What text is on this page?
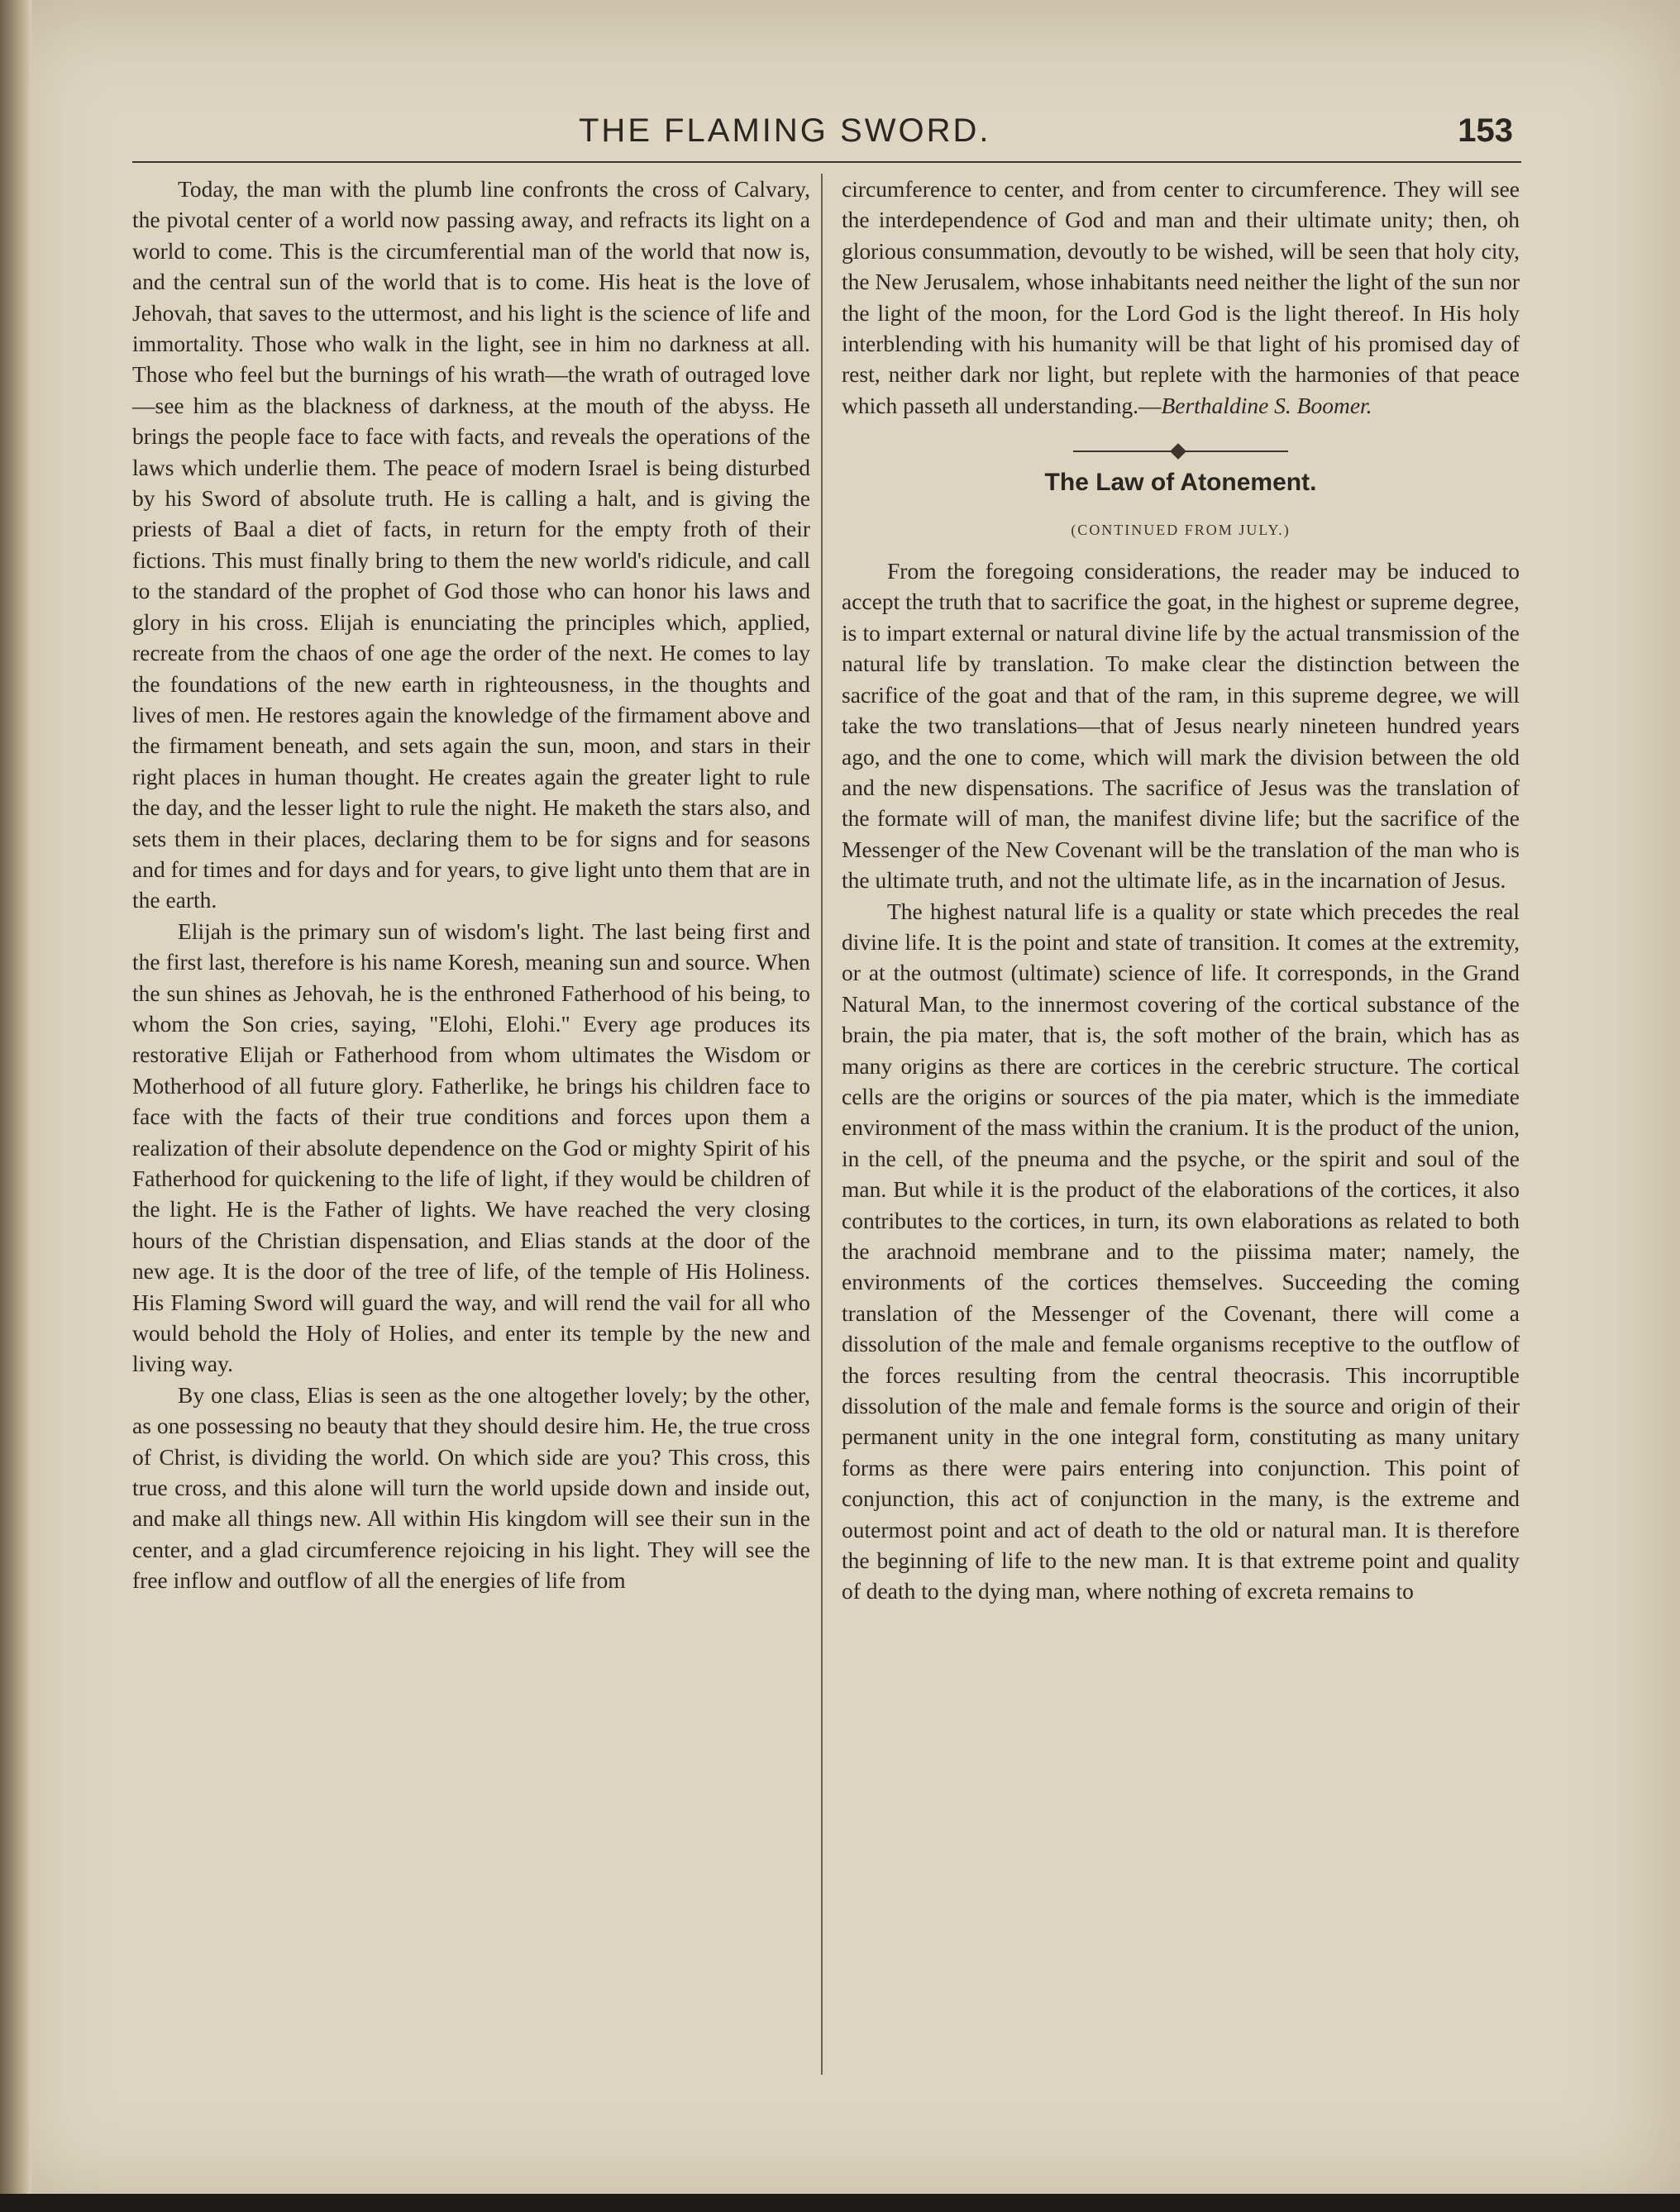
THE FLAMING SWORD.	153

Today, the man with the plumb line confronts the cross of Calvary, the pivotal center of a world now passing away, and refracts its light on a world to come. This is the circumferential man of the world that now is, and the central sun of the world that is to come. His heat is the love of Jehovah, that saves to the uttermost, and his light is the science of life and immortality. Those who walk in the light, see in him no darkness at all. Those who feel but the burnings of his wrath—the wrath of outraged love—see him as the blackness of darkness, at the mouth of the abyss. He brings the people face to face with facts, and reveals the operations of the laws which underlie them. The peace of modern Israel is being disturbed by his Sword of absolute truth. He is calling a halt, and is giving the priests of Baal a diet of facts, in return for the empty froth of their fictions. This must finally bring to them the new world's ridicule, and call to the standard of the prophet of God those who can honor his laws and glory in his cross. Elijah is enunciating the principles which, applied, recreate from the chaos of one age the order of the next. He comes to lay the foundations of the new earth in righteousness, in the thoughts and lives of men. He restores again the knowledge of the firmament above and the firmament beneath, and sets again the sun, moon, and stars in their right places in human thought. He creates again the greater light to rule the day, and the lesser light to rule the night. He maketh the stars also, and sets them in their places, declaring them to be for signs and for seasons and for times and for days and for years, to give light unto them that are in the earth.

Elijah is the primary sun of wisdom's light. The last being first and the first last, therefore is his name Koresh, meaning sun and source. When the sun shines as Jehovah, he is the enthroned Fatherhood of his being, to whom the Son cries, saying, "Elohi, Elohi." Every age produces its restorative Elijah or Fatherhood from whom ultimates the Wisdom or Motherhood of all future glory. Fatherlike, he brings his children face to face with the facts of their true conditions and forces upon them a realization of their absolute dependence on the God or mighty Spirit of his Fatherhood for quickening to the life of light, if they would be children of the light. He is the Father of lights. We have reached the very closing hours of the Christian dispensation, and Elias stands at the door of the new age. It is the door of the tree of life, of the temple of His Holiness. His Flaming Sword will guard the way, and will rend the vail for all who would behold the Holy of Holies, and enter its temple by the new and living way.

By one class, Elias is seen as the one altogether lovely; by the other, as one possessing no beauty that they should desire him. He, the true cross of Christ, is dividing the world. On which side are you? This cross, this true cross, and this alone will turn the world upside down and inside out, and make all things new. All within His kingdom will see their sun in the center, and a glad circumference rejoicing in his light. They will see the free inflow and outflow of all the energies of life from

circumference to center, and from center to circumference. They will see the interdependence of God and man and their ultimate unity; then, oh glorious consummation, devoutly to be wished, will be seen that holy city, the New Jerusalem, whose inhabitants need neither the light of the sun nor the light of the moon, for the Lord God is the light thereof. In His holy interblending with his humanity will be that light of his promised day of rest, neither dark nor light, but replete with the harmonies of that peace which passeth all understanding.—Berthaldine S. Boomer.

The Law of Atonement.
(CONTINUED FROM JULY.)

From the foregoing considerations, the reader may be induced to accept the truth that to sacrifice the goat, in the highest or supreme degree, is to impart external or natural divine life by the actual transmission of the natural life by translation. To make clear the distinction between the sacrifice of the goat and that of the ram, in this supreme degree, we will take the two translations—that of Jesus nearly nineteen hundred years ago, and the one to come, which will mark the division between the old and the new dispensations. The sacrifice of Jesus was the translation of the formate will of man, the manifest divine life; but the sacrifice of the Messenger of the New Covenant will be the translation of the man who is the ultimate truth, and not the ultimate life, as in the incarnation of Jesus.

The highest natural life is a quality or state which precedes the real divine life. It is the point and state of transition. It comes at the extremity, or at the outmost (ultimate) science of life. It corresponds, in the Grand Natural Man, to the innermost covering of the cortical substance of the brain, the pia mater, that is, the soft mother of the brain, which has as many origins as there are cortices in the cerebric structure. The cortical cells are the origins or sources of the pia mater, which is the immediate environment of the mass within the cranium. It is the product of the union, in the cell, of the pneuma and the psyche, or the spirit and soul of the man. But while it is the product of the elaborations of the cortices, it also contributes to the cortices, in turn, its own elaborations as related to both the arachnoid membrane and to the piissima mater; namely, the environments of the cortices themselves. Succeeding the coming translation of the Messenger of the Covenant, there will come a dissolution of the male and female organisms receptive to the outflow of the forces resulting from the central theocrasis. This incorruptible dissolution of the male and female forms is the source and origin of their permanent unity in the one integral form, constituting as many unitary forms as there were pairs entering into conjunction. This point of conjunction, this act of conjunction in the many, is the extreme and outermost point and act of death to the old or natural man. It is therefore the beginning of life to the new man. It is that extreme point and quality of death to the dying man, where nothing of excreta remains to
